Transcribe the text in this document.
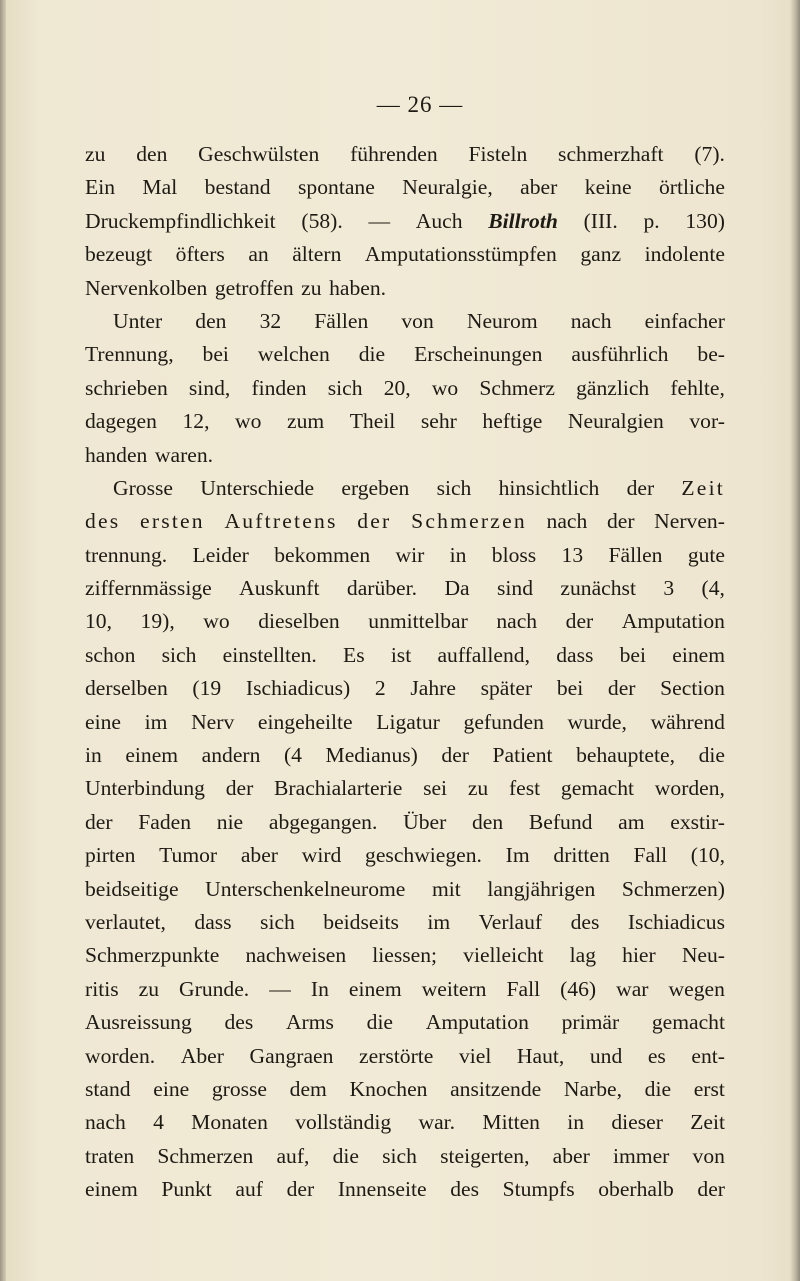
— 26 —
zu den Geschwülsten führenden Fisteln schmerzhaft (7).
Ein Mal bestand spontane Neuralgie, aber keine örtliche
Druckempfindlichkeit (58). — Auch Billroth (III. p. 130)
bezeugt öfters an ältern Amputationsstümpfen ganz indolente
Nervenkolben getroffen zu haben.
Unter den 32 Fällen von Neurom nach einfacher
Trennung, bei welchen die Erscheinungen ausführlich be-
schrieben sind, finden sich 20, wo Schmerz gänzlich fehlte,
dagegen 12, wo zum Theil sehr heftige Neuralgien vor-
handen waren.
Grosse Unterschiede ergeben sich hinsichtlich der Zeit
des ersten Auftretens der Schmerzen nach der Nerven-
trennung. Leider bekommen wir in bloss 13 Fällen gute
ziffernmässige Auskunft darüber. Da sind zunächst 3 (4,
10, 19), wo dieselben unmittelbar nach der Amputation
schon sich einstellten. Es ist auffallend, dass bei einem
derselben (19 Ischiadicus) 2 Jahre später bei der Section
eine im Nerv eingeheilte Ligatur gefunden wurde, während
in einem andern (4 Medianus) der Patient behauptete, die
Unterbindung der Brachialarterie sei zu fest gemacht worden,
der Faden nie abgegangen. Über den Befund am exstir-
pirten Tumor aber wird geschwiegen. Im dritten Fall (10,
beidseitige Unterschenkelneurome mit langjährigen Schmerzen)
verlautet, dass sich beidseits im Verlauf des Ischiadicus
Schmerzpunkte nachweisen liessen; vielleicht lag hier Neu-
ritis zu Grunde. — In einem weitern Fall (46) war wegen
Ausreissung des Arms die Amputation primär gemacht
worden. Aber Gangraen zerstörte viel Haut, und es ent-
stand eine grosse dem Knochen ansitzende Narbe, die erst
nach 4 Monaten vollständig war. Mitten in dieser Zeit
traten Schmerzen auf, die sich steigerten, aber immer von
einem Punkt auf der Innenseite des Stumpfs oberhalb der
